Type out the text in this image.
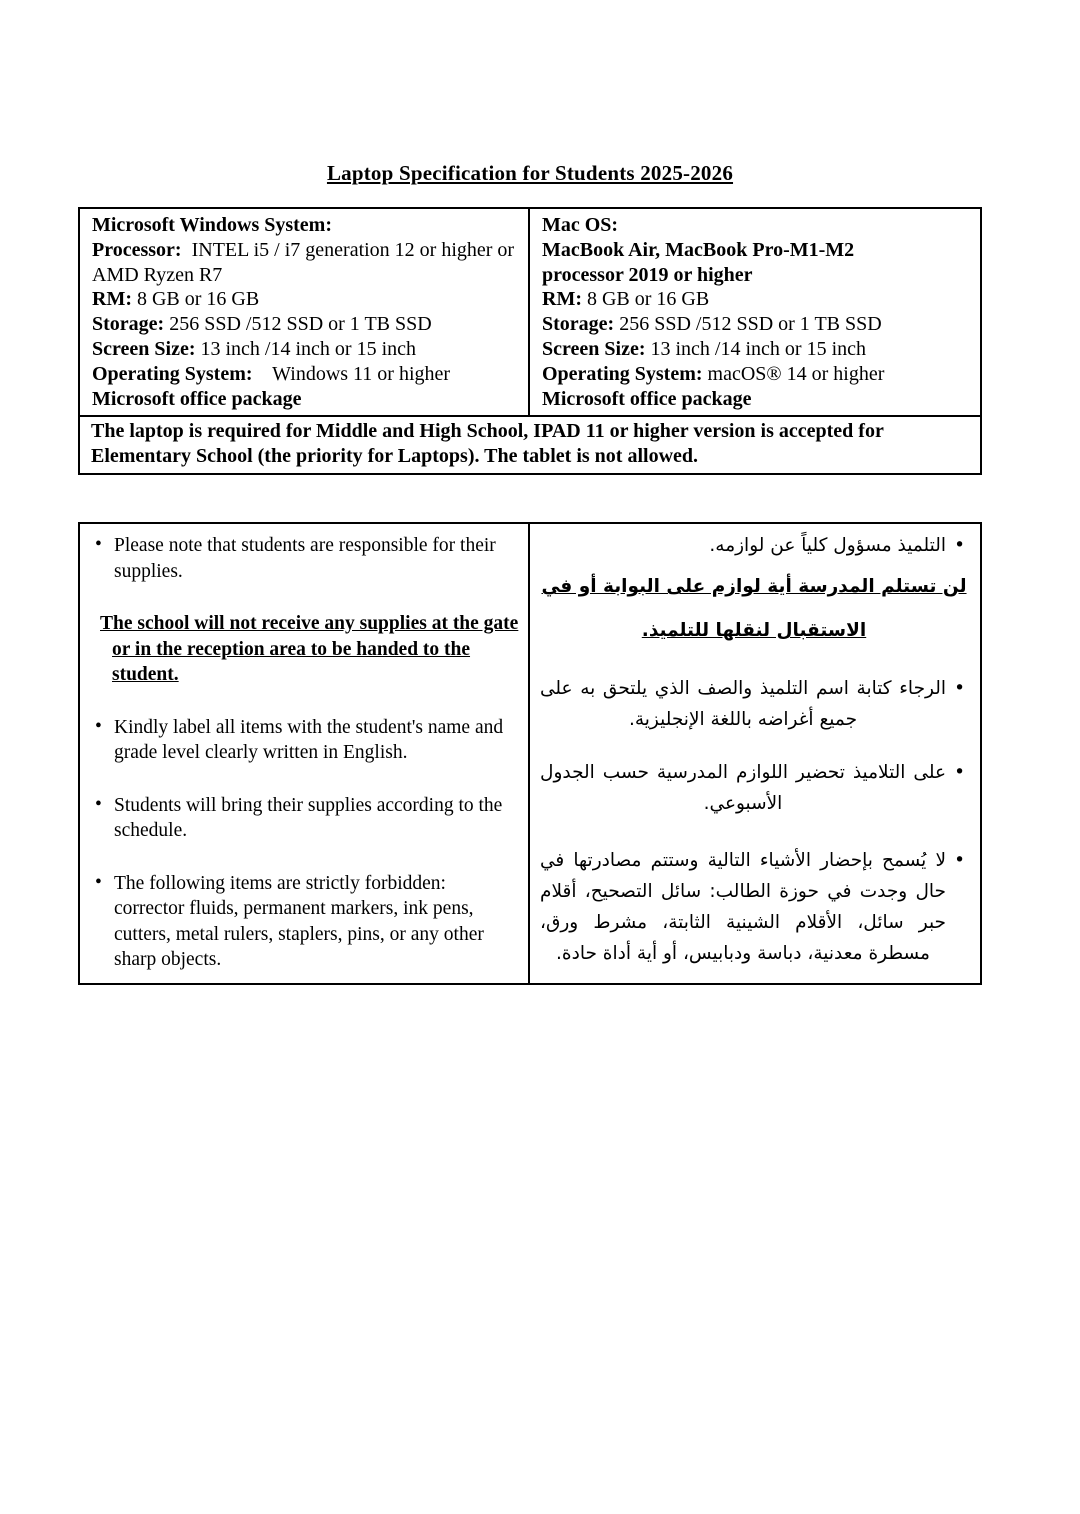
Laptop Specification for Students 2025-2026
Microsoft Windows System:
Processor:  INTEL i5 / i7 generation 12 or higher or AMD Ryzen R7
RM: 8 GB or 16 GB
Storage: 256 SSD /512 SSD or 1 TB SSD
Screen Size: 13 inch /14 inch or 15 inch
Operating System:    Windows 11 or higher
Microsoft office package
Mac OS:
MacBook Air, MacBook Pro-M1-M2 processor 2019 or higher
RM: 8 GB or 16 GB
Storage: 256 SSD /512 SSD or 1 TB SSD
Screen Size: 13 inch /14 inch or 15 inch
Operating System: macOS® 14 or higher
Microsoft office package
The laptop is required for Middle and High School, IPAD 11 or higher version is accepted for Elementary School (the priority for Laptops). The tablet is not allowed.
• Please note that students are responsible for their supplies.
The school will not receive any supplies at the gate or in the reception area to be handed to the student.
• Kindly label all items with the student's name and grade level clearly written in English.
• Students will bring their supplies according to the schedule.
• The following items are strictly forbidden: corrector fluids, permanent markers, ink pens, cutters, metal rulers, staplers, pins, or any other sharp objects.
•
التلميذ مسؤول كلياً عن لوازمه.
لن تستلم المدرسة أية لوازم على البوابة أو في الاستقبال لنقلها للتلميذ.
•
الرجاء كتابة اسم التلميذ والصف الذي يلتحق به على جميع أغراضه باللغة الإنجليزية.
•
على التلاميذ تحضير اللوازم المدرسية حسب الجدول الأسبوعي.
•
لا يُسمح بإحضار الأشياء التالية وستتم مصادرتها في حال وجدت في حوزة الطالب: سائل التصحيح، أقلام حبر سائل، الأقلام الشينية الثابتة، مشرط ورق، مسطرة معدنية، دباسة ودبابيس، أو أية أداة حادة.
